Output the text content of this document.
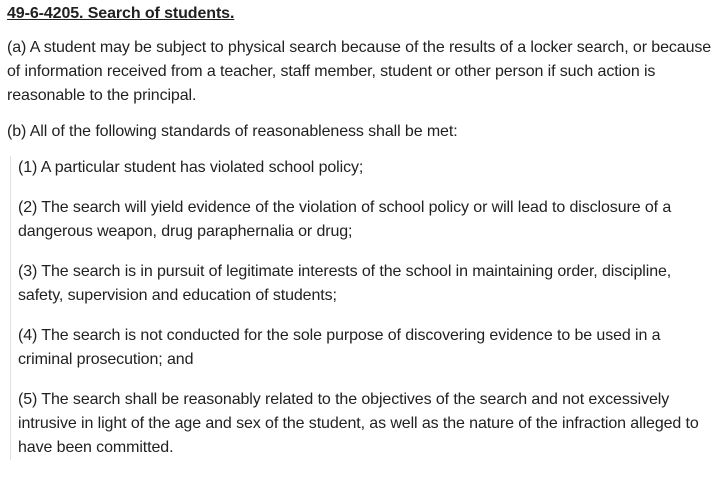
49-6-4205. Search of students.
(a) A student may be subject to physical search because of the results of a locker search, or because of information received from a teacher, staff member, student or other person if such action is reasonable to the principal.
(b) All of the following standards of reasonableness shall be met:
(1) A particular student has violated school policy;
(2) The search will yield evidence of the violation of school policy or will lead to disclosure of a dangerous weapon, drug paraphernalia or drug;
(3) The search is in pursuit of legitimate interests of the school in maintaining order, discipline, safety, supervision and education of students;
(4) The search is not conducted for the sole purpose of discovering evidence to be used in a criminal prosecution; and
(5) The search shall be reasonably related to the objectives of the search and not excessively intrusive in light of the age and sex of the student, as well as the nature of the infraction alleged to have been committed.
